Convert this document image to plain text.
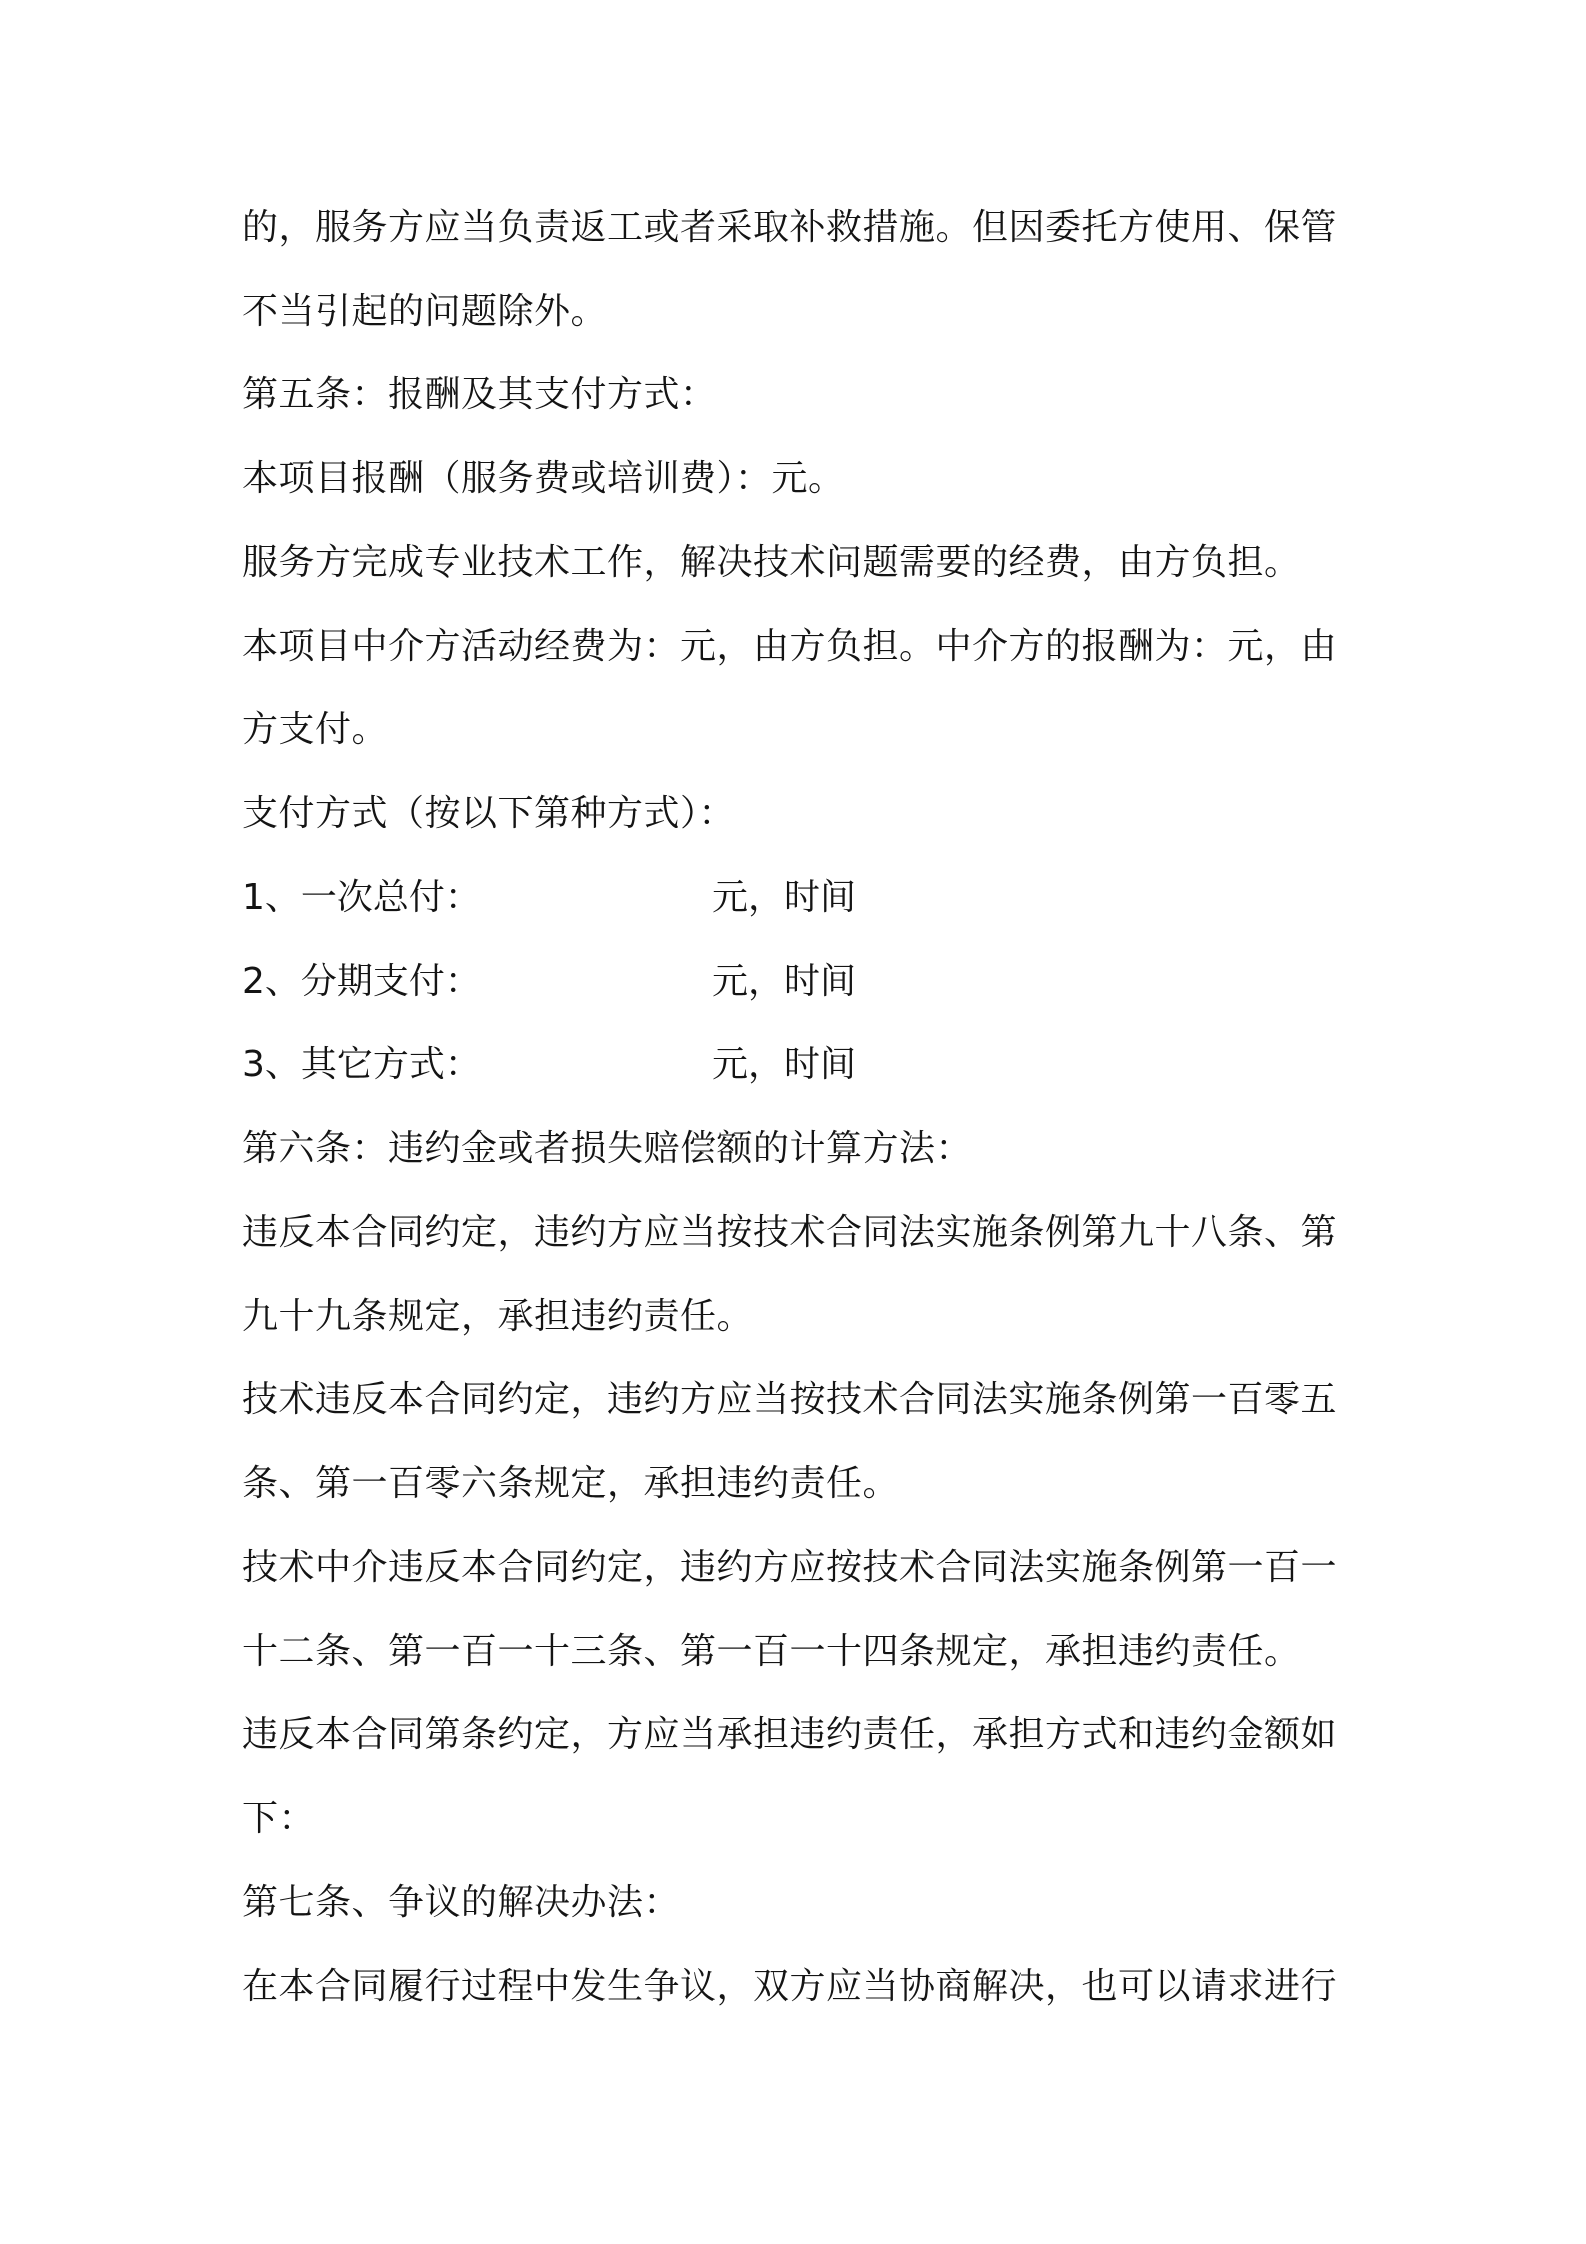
的，服务方应当负责返工或者采取补救措施。但因委托方使用、保管
不当引起的问题除外。
第五条：报酬及其支付方式：
本项目报酬（服务费或培训费）：元。
服务方完成专业技术工作，解决技术问题需要的经费，由方负担。
本项目中介方活动经费为：元，由方负担。中介方的报酬为：元，由
方支付。
支付方式（按以下第种方式）：
1、一次总付：	元，时间
2、分期支付：	元，时间
3、其它方式：	元，时间
第六条：违约金或者损失赔偿额的计算方法：
违反本合同约定，违约方应当按技术合同法实施条例第九十八条、第
九十九条规定，承担违约责任。
技术违反本合同约定，违约方应当按技术合同法实施条例第一百零五
条、第一百零六条规定，承担违约责任。
技术中介违反本合同约定，违约方应按技术合同法实施条例第一百一
十二条、第一百一十三条、第一百一十四条规定，承担违约责任。
违反本合同第条约定，方应当承担违约责任，承担方式和违约金额如
下：
第七条、争议的解决办法：
在本合同履行过程中发生争议，双方应当协商解决，也可以请求进行
